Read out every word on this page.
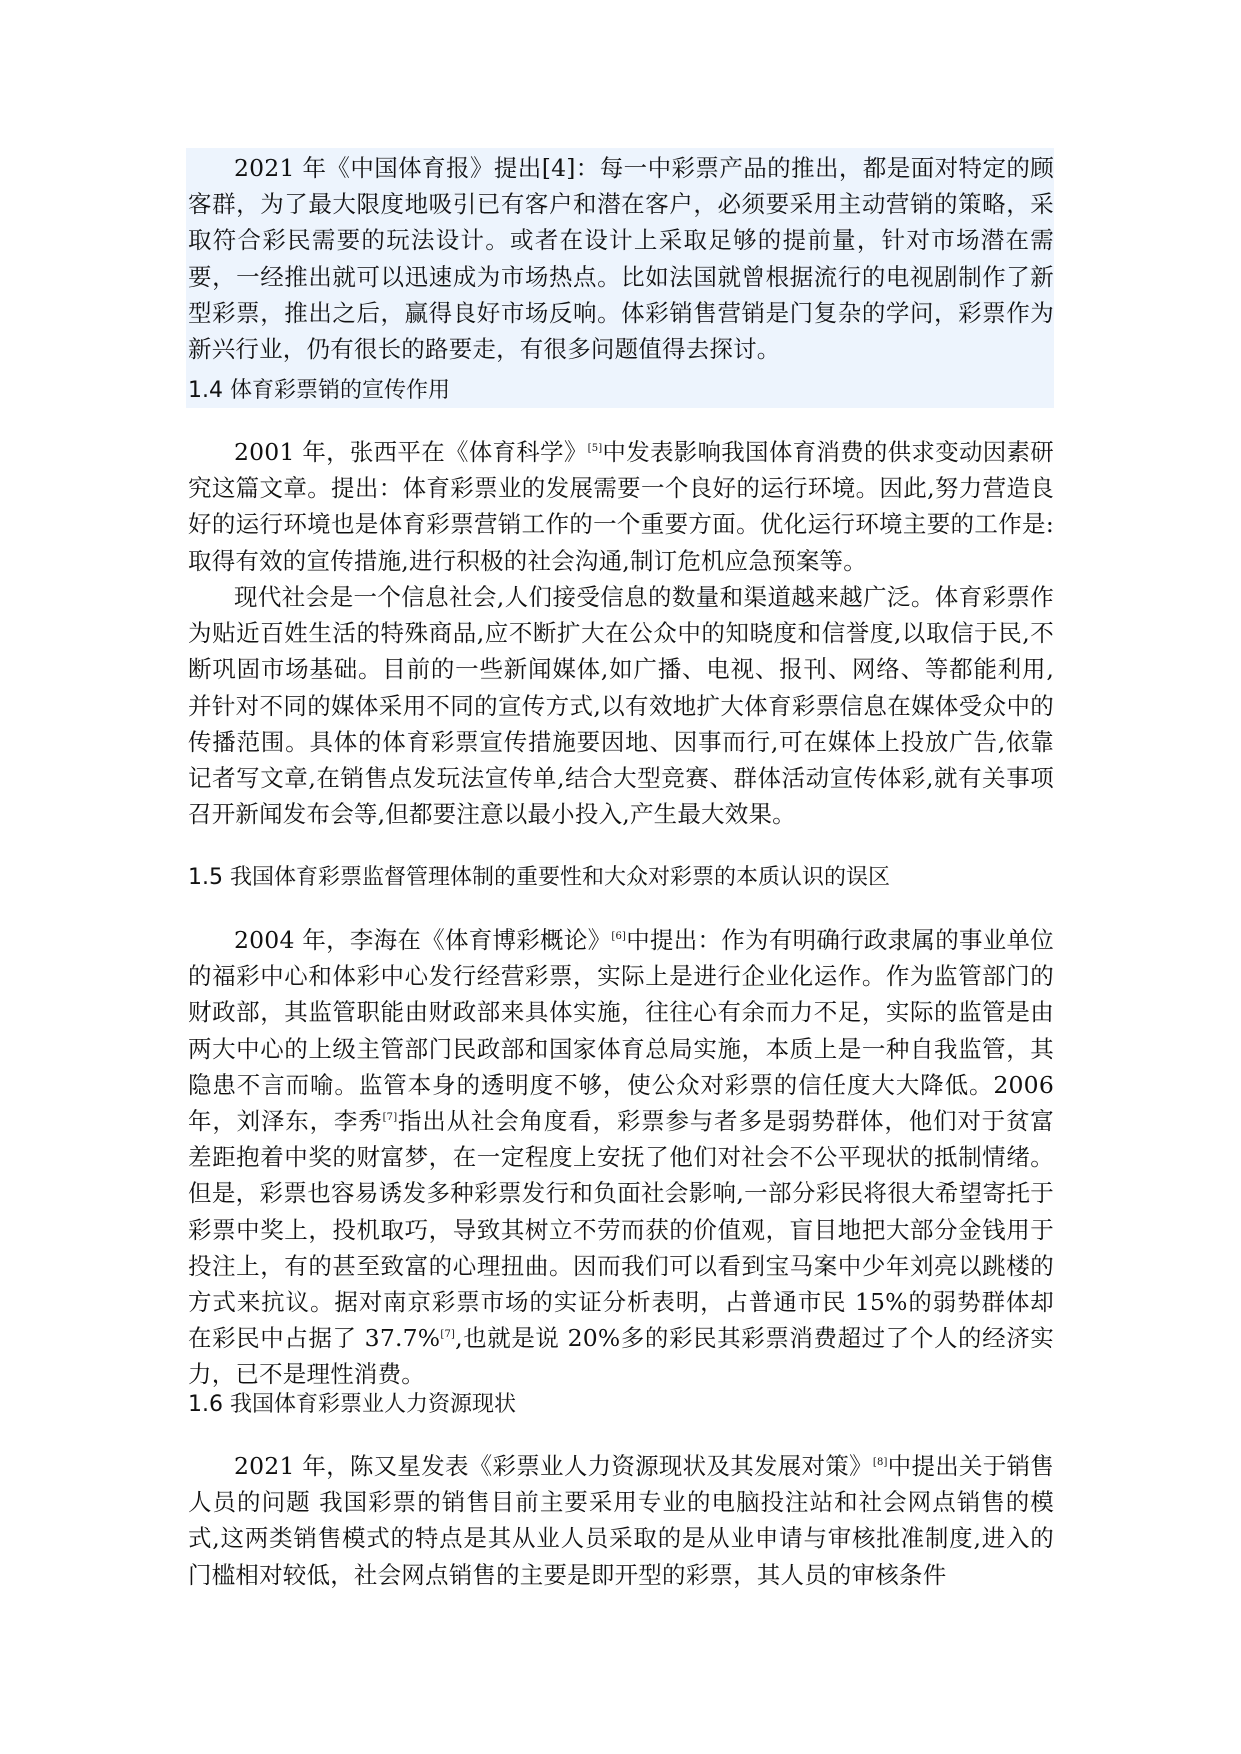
2021 年《中国体育报》提出[4]：每一中彩票产品的推出，都是面对特定的顾客群，为了最大限度地吸引已有客户和潜在客户，必须要采用主动营销的策略，采取符合彩民需要的玩法设计。或者在设计上采取足够的提前量，针对市场潜在需要，一经推出就可以迅速成为市场热点。比如法国就曾根据流行的电视剧制作了新型彩票，推出之后，赢得良好市场反响。体彩销售营销是门复杂的学问，彩票作为新兴行业，仍有很长的路要走，有很多问题值得去探讨。

1.4 体育彩票销的宣传作用

2001 年，张西平在《体育科学》[5]中发表影响我国体育消费的供求变动因素研究这篇文章。提出：体育彩票业的发展需要一个良好的运行环境。因此,努力营造良好的运行环境也是体育彩票营销工作的一个重要方面。优化运行环境主要的工作是:取得有效的宣传措施,进行积极的社会沟通,制订危机应急预案等。

现代社会是一个信息社会,人们接受信息的数量和渠道越来越广泛。体育彩票作为贴近百姓生活的特殊商品,应不断扩大在公众中的知晓度和信誉度,以取信于民,不断巩固市场基础。目前的一些新闻媒体,如广播、电视、报刊、网络、等都能利用,并针对不同的媒体采用不同的宣传方式,以有效地扩大体育彩票信息在媒体受众中的传播范围。具体的体育彩票宣传措施要因地、因事而行,可在媒体上投放广告,依靠记者写文章,在销售点发玩法宣传单,结合大型竞赛、群体活动宣传体彩,就有关事项召开新闻发布会等,但都要注意以最小投入,产生最大效果。

1.5 我国体育彩票监督管理体制的重要性和大众对彩票的本质认识的误区

2004 年，李海在《体育博彩概论》[6]中提出：作为有明确行政隶属的事业单位的福彩中心和体彩中心发行经营彩票，实际上是进行企业化运作。作为监管部门的财政部，其监管职能由财政部来具体实施，往往心有余而力不足，实际的监管是由两大中心的上级主管部门民政部和国家体育总局实施，本质上是一种自我监管，其隐患不言而喻。监管本身的透明度不够，使公众对彩票的信任度大大降低。2006 年，刘泽东，李秀[7]指出从社会角度看，彩票参与者多是弱势群体，他们对于贫富差距抱着中奖的财富梦，在一定程度上安抚了他们对社会不公平现状的抵制情绪。但是，彩票也容易诱发多种彩票发行和负面社会影响,一部分彩民将很大希望寄托于彩票中奖上，投机取巧，导致其树立不劳而获的价值观，盲目地把大部分金钱用于投注上，有的甚至致富的心理扭曲。因而我们可以看到宝马案中少年刘亮以跳楼的方式来抗议。据对南京彩票市场的实证分析表明，占普通市民 15%的弱势群体却在彩民中占据了 37.7%[7],也就是说 20%多的彩民其彩票消费超过了个人的经济实力，已不是理性消费。

1.6 我国体育彩票业人力资源现状

2021 年，陈又星发表《彩票业人力资源现状及其发展对策》[8]中提出关于销售人员的问题 我国彩票的销售目前主要采用专业的电脑投注站和社会网点销售的模式,这两类销售模式的特点是其从业人员采取的是从业申请与审核批准制度,进入的门槛相对较低，社会网点销售的主要是即开型的彩票，其人员的审核条件
